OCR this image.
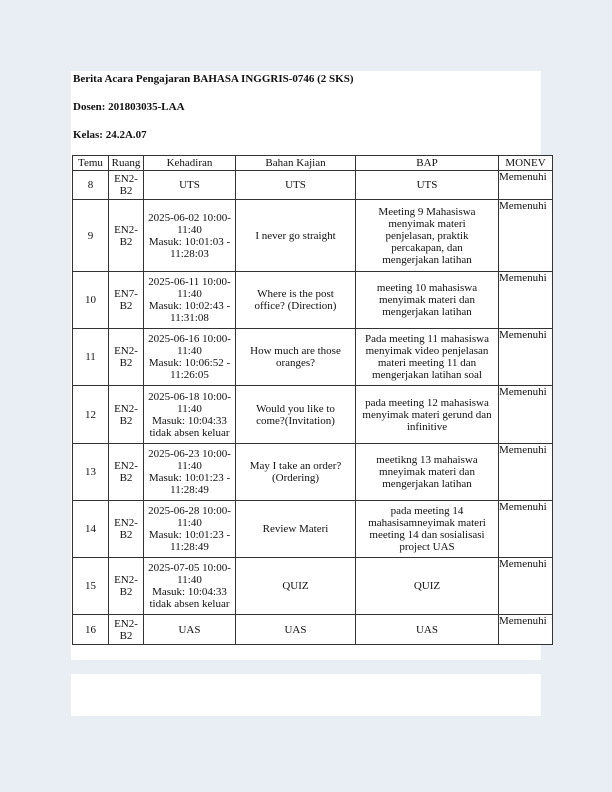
Berita Acara Pengajaran BAHASA INGGRIS-0746 (2 SKS)
Dosen: 201803035-LAA
Kelas: 24.2A.07
Temu	Ruang	Kehadiran	Bahan Kajian	BAP	MONEV
8	EN2-
B2	UTS	UTS	UTS	Memenuhi
9	EN2-
B2	2025-06-02 10:00-
11:40
Masuk: 10:01:03 -
11:28:03	I never go straight	Meeting 9 Mahasiswa
menyimak materi
penjelasan, praktik
percakapan, dan
mengerjakan latihan	Memenuhi
10	EN7-
B2	2025-06-11 10:00-
11:40
Masuk: 10:02:43 -
11:31:08	Where is the post
office? (Direction)	meeting 10 mahasiswa
menyimak materi dan
mengerjakan latihan	Memenuhi
11	EN2-
B2	2025-06-16 10:00-
11:40
Masuk: 10:06:52 -
11:26:05	How much are those
oranges?	Pada meeting 11 mahasiswa
menyimak video penjelasan
materi meeting 11 dan
mengerjakan latihan soal	Memenuhi
12	EN2-
B2	2025-06-18 10:00-
11:40
Masuk: 10:04:33
tidak absen keluar	Would you like to
come?(Invitation)	pada meeting 12 mahasiswa
menyimak materi gerund dan
infinitive	Memenuhi
13	EN2-
B2	2025-06-23 10:00-
11:40
Masuk: 10:01:23 -
11:28:49	May I take an order?
(Ordering)	meetikng 13 mahaiswa
mneyimak materi dan
mengerjakan latihan	Memenuhi
14	EN2-
B2	2025-06-28 10:00-
11:40
Masuk: 10:01:23 -
11:28:49	Review Materi	pada meeting 14
mahasisamneyimak materi
meeting 14 dan sosialisasi
project UAS	Memenuhi
15	EN2-
B2	2025-07-05 10:00-
11:40
Masuk: 10:04:33
tidak absen keluar	QUIZ	QUIZ	Memenuhi
16	EN2-
B2	UAS	UAS	UAS	Memenuhi
